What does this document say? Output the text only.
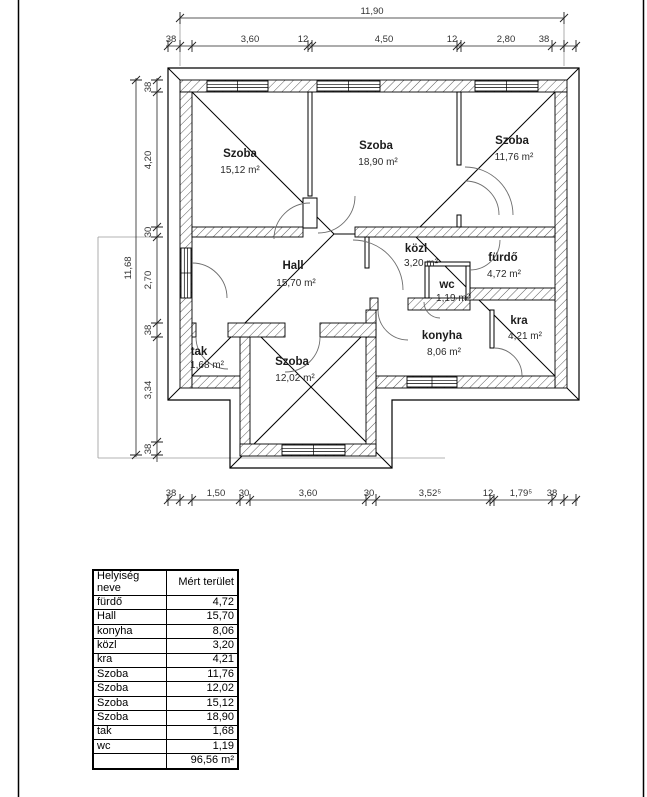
Szoba
15,12 m²
Szoba
18,90 m²
Szoba
11,76 m²
Hall
15,70 m²
közl
3,20 m²	fürdő
4,72 m²
wc
1,19 m²
konyha
8,06 m²
kra
4,21 m²
tak
1,68 m²	Szoba
12,02 m²
11,90
38	3,60	12	4,50	12	2,80 38
11,68
38
4,20
30
2,70
38
3,34
38
38	1,50 30	3,60	30	3,52⁵	12 1,79⁵ 38
Helyiség neve	Mért terület
fürdő	4,72
Hall	15,70
konyha	8,06
közl	3,20
kra	4,21
Szoba	11,76
Szoba	12,02
Szoba	15,12
Szoba	18,90
tak	1,68
wc	1,19
	96,56 m²
